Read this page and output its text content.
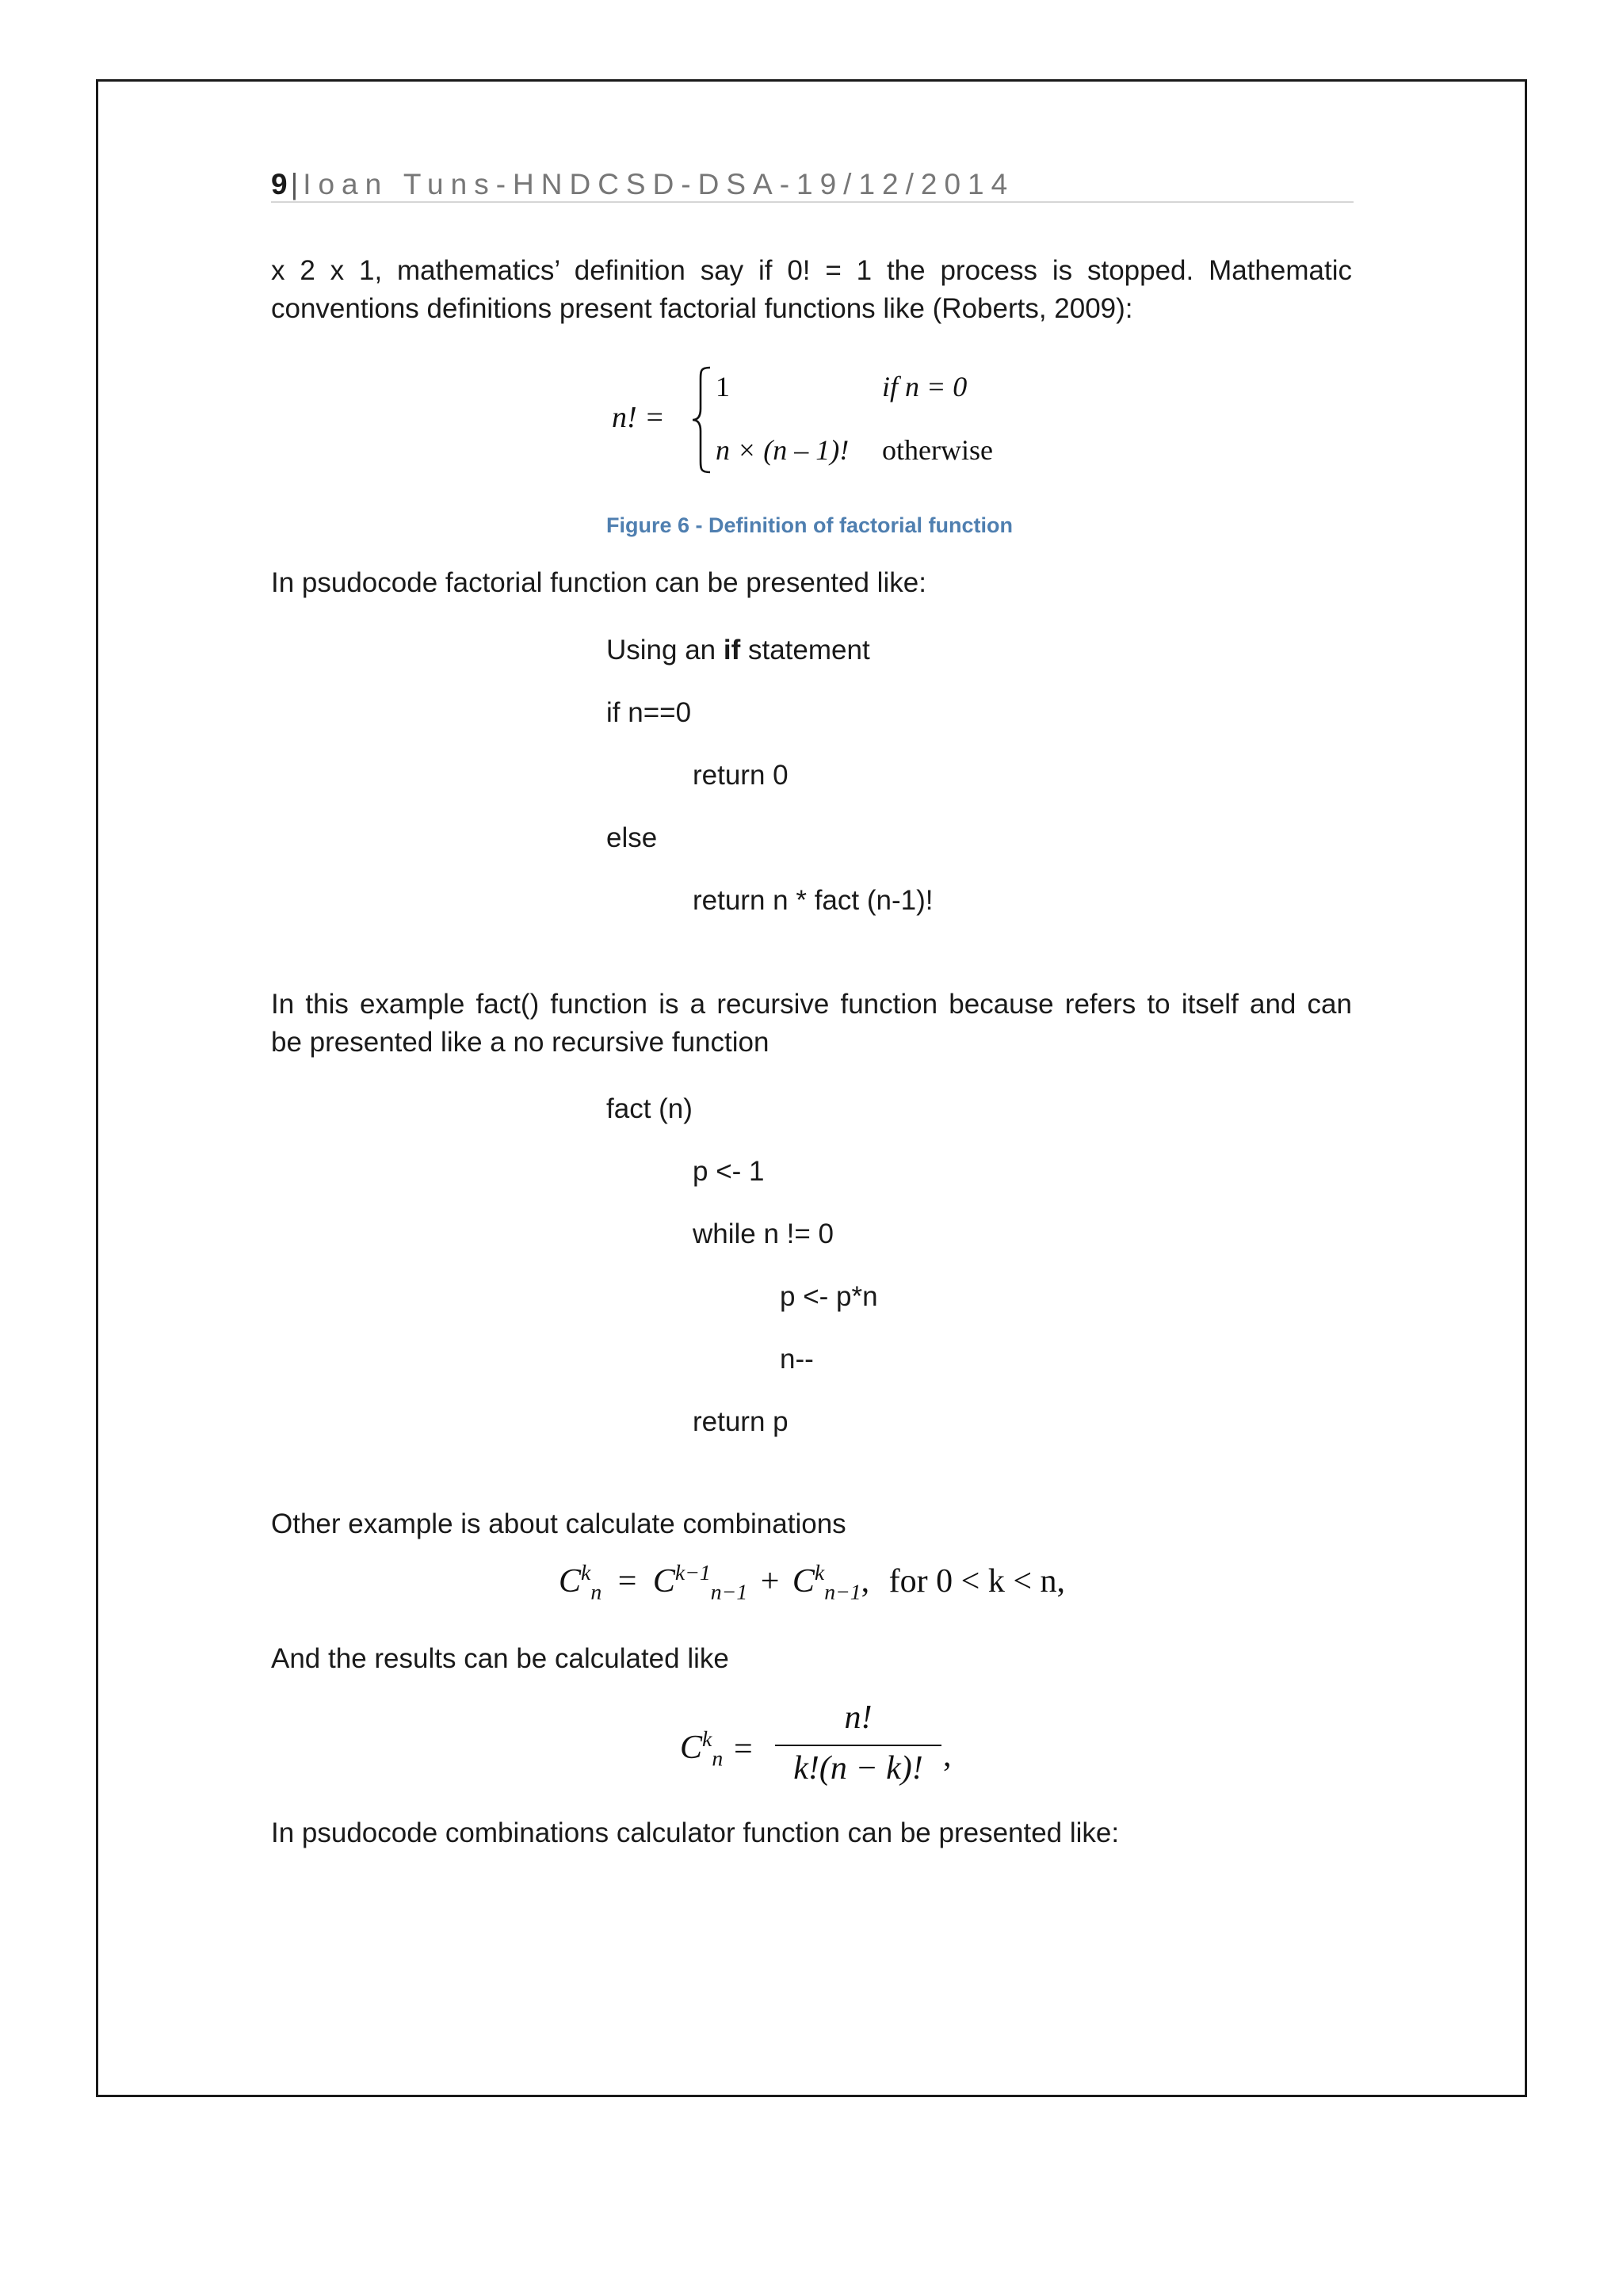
9 | Ioan Tuns-HNDCSD-DSA-19/12/2014
x 2 x 1, mathematics’ definition say if 0! = 1 the process is stopped. Mathematic
conventions definitions present factorial functions like (Roberts, 2009):
n! =
1	if n = 0
n × (n – 1)! otherwise
Figure 6 - Definition of factorial function
In psudocode factorial function can be presented like:
Using an if statement
if n==0
return 0
else
return n * fact (n-1)!
In this example fact() function is a recursive function because refers to itself and can
be presented like a no recursive function
fact (n)
p <- 1
while n != 0
p <- p*n
n--
return p
Other example is about calculate combinations
$C^k_n = C^{k-1}_{n-1} + C^k_{n-1}$, for 0 < k < n,
And the results can be calculated like
$C^k_n$ =
n!
k!(n − k)! ,
In psudocode combinations calculator function can be presented like:
